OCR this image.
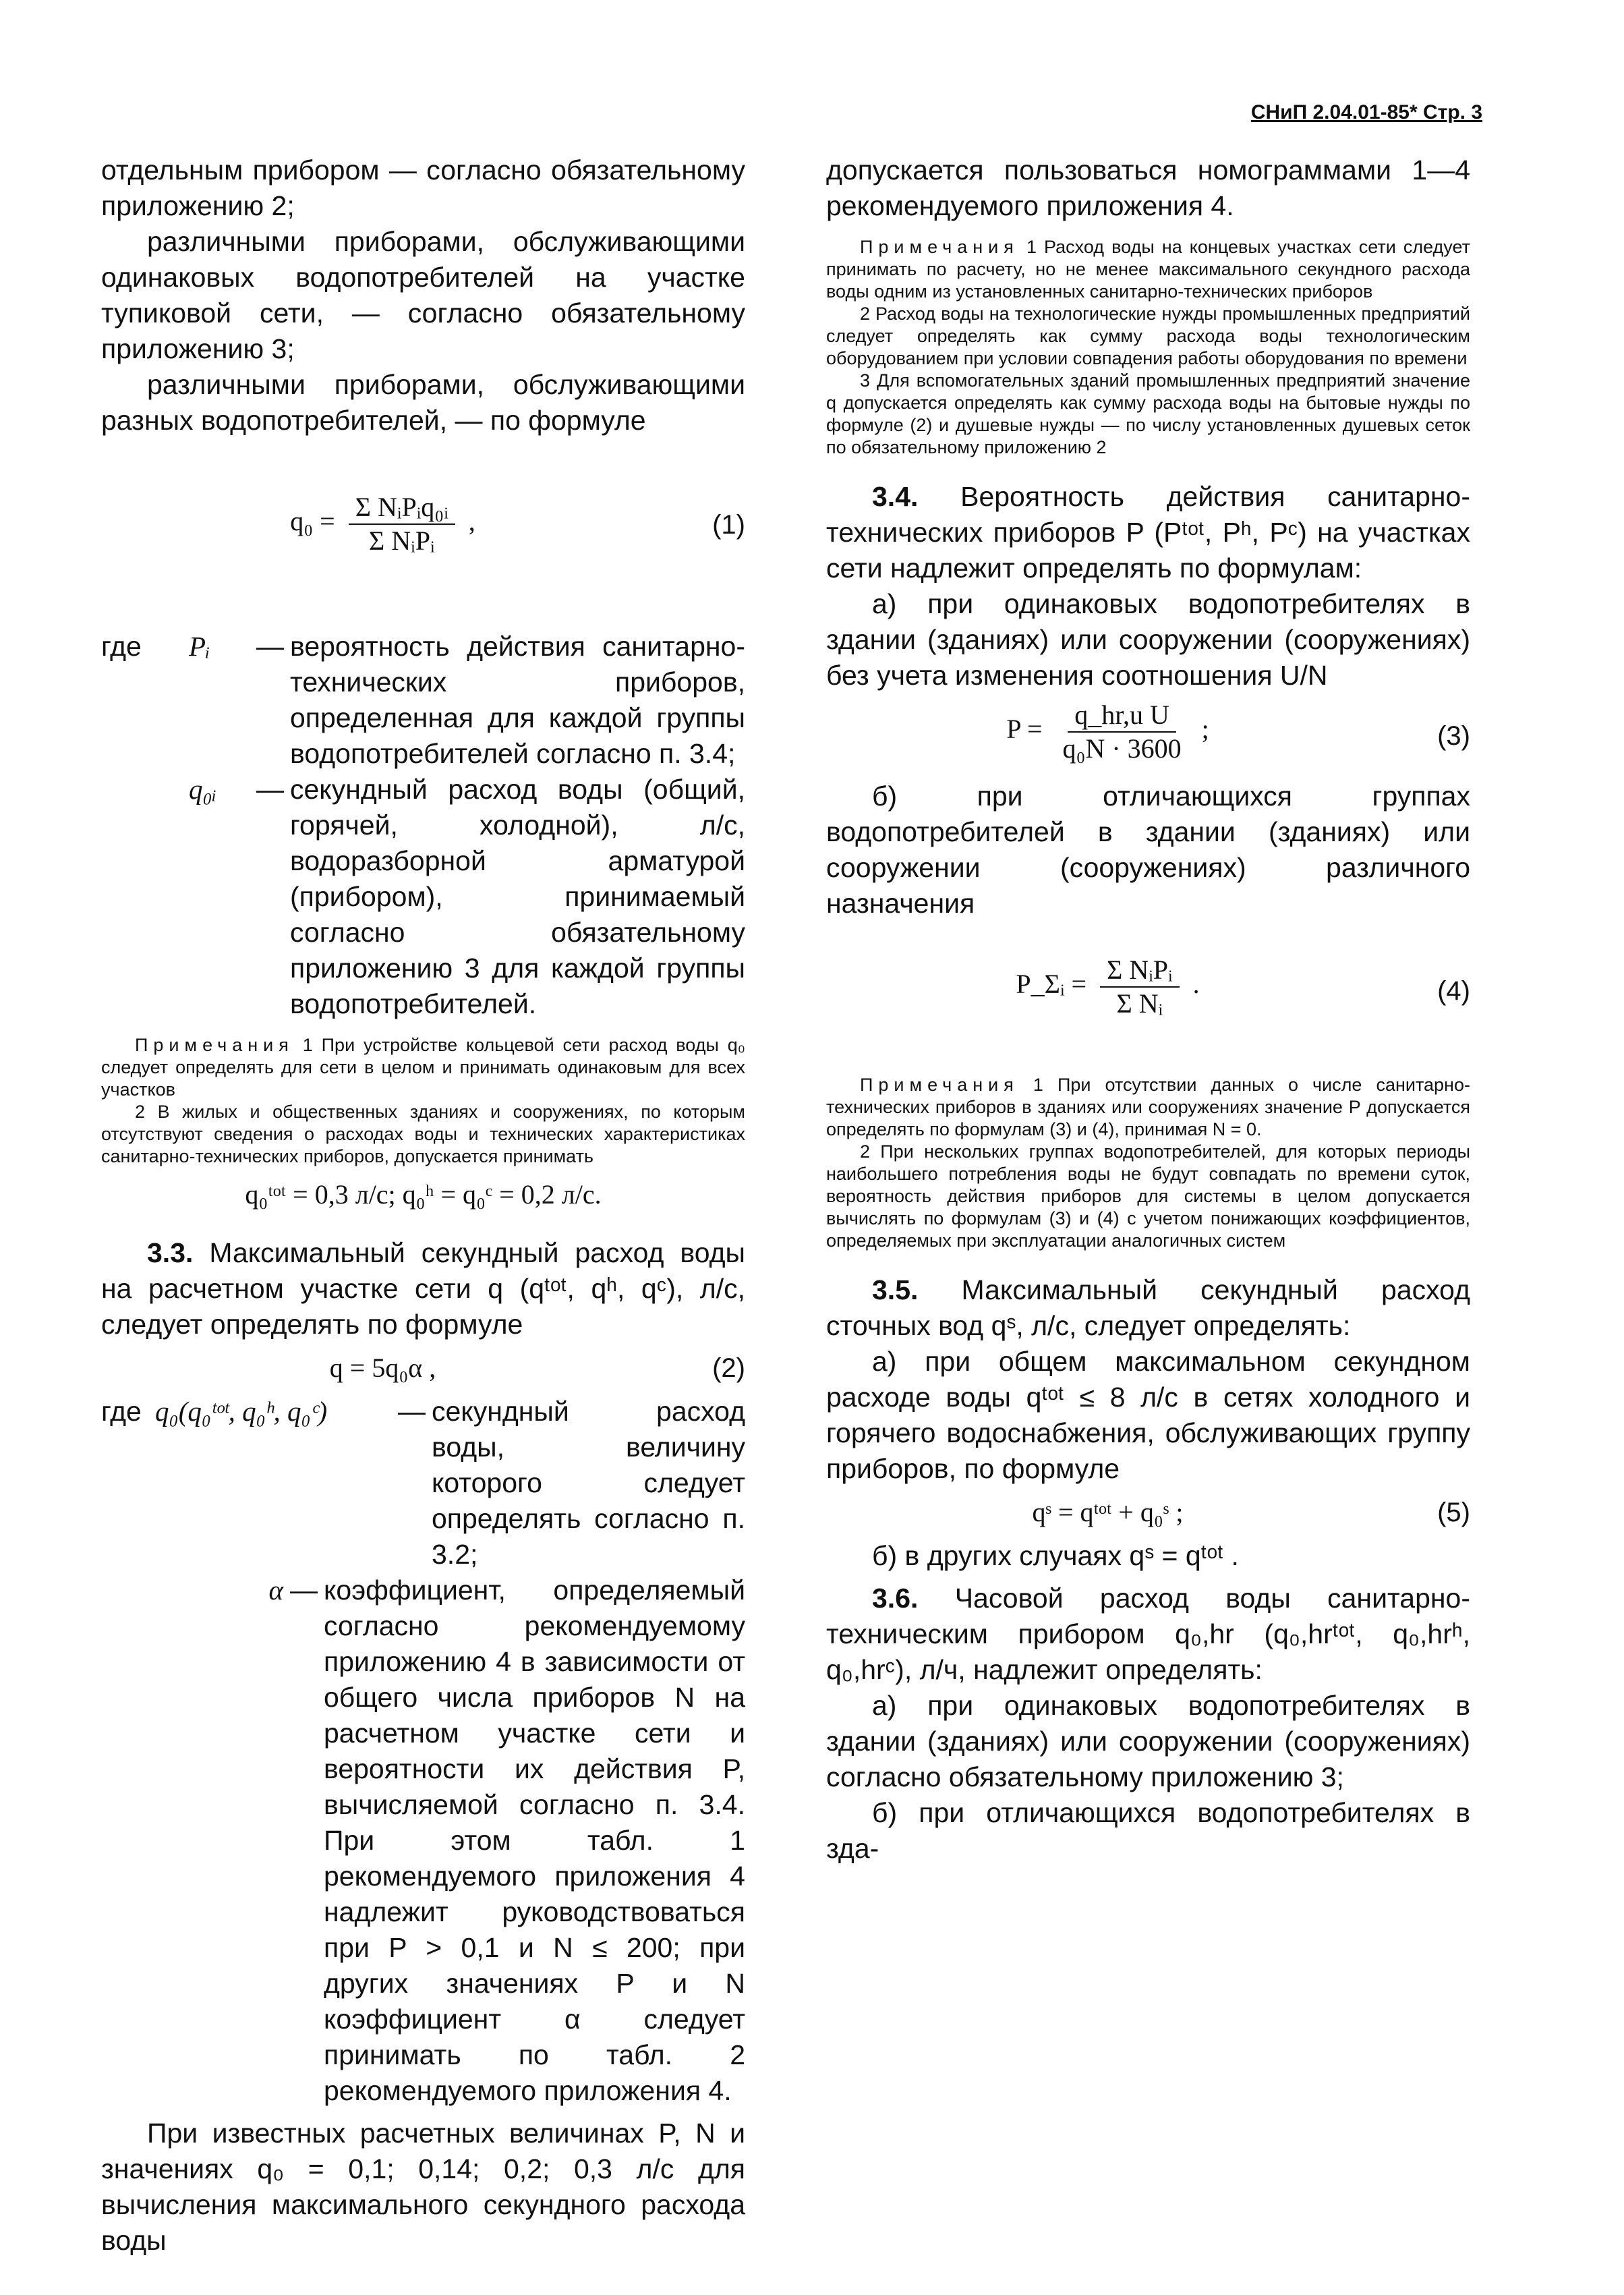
СНиП 2.04.01-85* Стр. 3

отдельным прибором — согласно обязательному приложению 2;

различными приборами, обслуживающими одинаковых водопотребителей на участке тупиковой сети, — согласно обязательному приложению 3;

различными приборами, обслуживающими разных водопотребителей, — по формуле

$q_0 = \frac{\text{Σ NᵢPᵢq₀ᵢ}}{\text{Σ NᵢPᵢ}}$ ,	(1)
где	Pᵢ	— вероятность действия санитарно-технических приборов, определенная для каждой группы водопотребителей согласно п. 3.4;
q₀ᵢ	— секундный расход воды (общий, горячей, холодной), л/с, водоразборной арматурой (прибором), принимаемый согласно обязательному приложению 3 для каждой группы водопотребителей.

Примечания 1 При устройстве кольцевой сети расход воды q₀ следует определять для сети в целом и принимать одинаковым для всех участков

2 В жилых и общественных зданиях и сооружениях, по которым отсутствуют сведения о расходах воды и технических характеристиках санитарно-технических приборов, допускается принимать

q₀ᵗᵒᵗ = 0,3 л/с; q₀ʰ = q₀ᶜ = 0,2 л/с.

3.3. Максимальный секундный расход воды на расчетном участке сети q (qᵗᵒᵗ, qʰ, qᶜ), л/с, следует определять по формуле

q = 5q₀α ,	(2)
где q₀(q₀ᵗᵒᵗ, q₀ʰ, q₀ᶜ)	— секундный расход воды, величину которого следует определять согласно п. 3.2;
α — коэффициент, определяемый согласно рекомендуемому приложению 4 в зависимости от общего числа приборов N на расчетном участке сети и вероятности их действия P, вычисляемой согласно п. 3.4. При этом табл. 1 рекомендуемого приложения 4 надлежит руководствоваться при P > 0,1 и N ≤ 200; при других значениях P и N коэффициент α следует принимать по табл. 2 рекомендуемого приложения 4.

При известных расчетных величинах P, N и значениях q₀ = 0,1; 0,14; 0,2; 0,3 л/с для вычисления максимального секундного расхода воды

допускается пользоваться номограммами 1—4 рекомендуемого приложения 4.

Примечания 1 Расход воды на концевых участках сети следует принимать по расчету, но не менее максимального секундного расхода воды одним из установленных санитарно-технических приборов

2 Расход воды на технологические нужды промышленных предприятий следует определять как сумму расхода воды технологическим оборудованием при условии совпадения работы оборудования по времени

3 Для вспомогательных зданий промышленных предприятий значение q допускается определять как сумму расхода воды на бытовые нужды по формуле (2) и душевые нужды — по числу установленных душевых сеток по обязательному приложению 2

3.4. Вероятность действия санитарно-технических приборов P (Pᵗᵒᵗ, Pʰ, Pᶜ) на участках сети надлежит определять по формулам:

а) при одинаковых водопотребителях в здании (зданиях) или сооружении (сооружениях) без учета изменения соотношения U/N

$P = \frac{\text{q\_hr,u U}}{\text{q₀N · 3600}}$ ;	(3)

б) при отличающихся группах водопотребителей в здании (зданиях) или сооружении (сооружениях) различного назначения

P_Σᵢ = $\frac{\text{Σ NᵢPᵢ}}{\text{Σ Nᵢ}}$ .	(4)

Примечания 1 При отсутствии данных о числе санитарно-технических приборов в зданиях или сооружениях значение P допускается определять по формулам (3) и (4), принимая N = 0.

2 При нескольких группах водопотребителей, для которых периоды наибольшего потребления воды не будут совпадать по времени суток, вероятность действия приборов для системы в целом допускается вычислять по формулам (3) и (4) с учетом понижающих коэффициентов, определяемых при эксплуатации аналогичных систем

3.5. Максимальный секундный расход сточных вод qˢ, л/с, следует определять:

а) при общем максимальном секундном расходе воды qᵗᵒᵗ ≤ 8 л/с в сетях холодного и горячего водоснабжения, обслуживающих группу приборов, по формуле

qˢ = qᵗᵒᵗ + q₀ˢ ;	(5)

б) в других случаях qˢ = qᵗᵒᵗ .

3.6. Часовой расход воды санитарно-техническим прибором q₀,hr (q₀,hrᵗᵒᵗ, q₀,hrʰ, q₀,hrᶜ), л/ч, надлежит определять:

а) при одинаковых водопотребителях в здании (зданиях) или сооружении (сооружениях) согласно обязательному приложению 3;

б) при отличающихся водопотребителях в зда-
